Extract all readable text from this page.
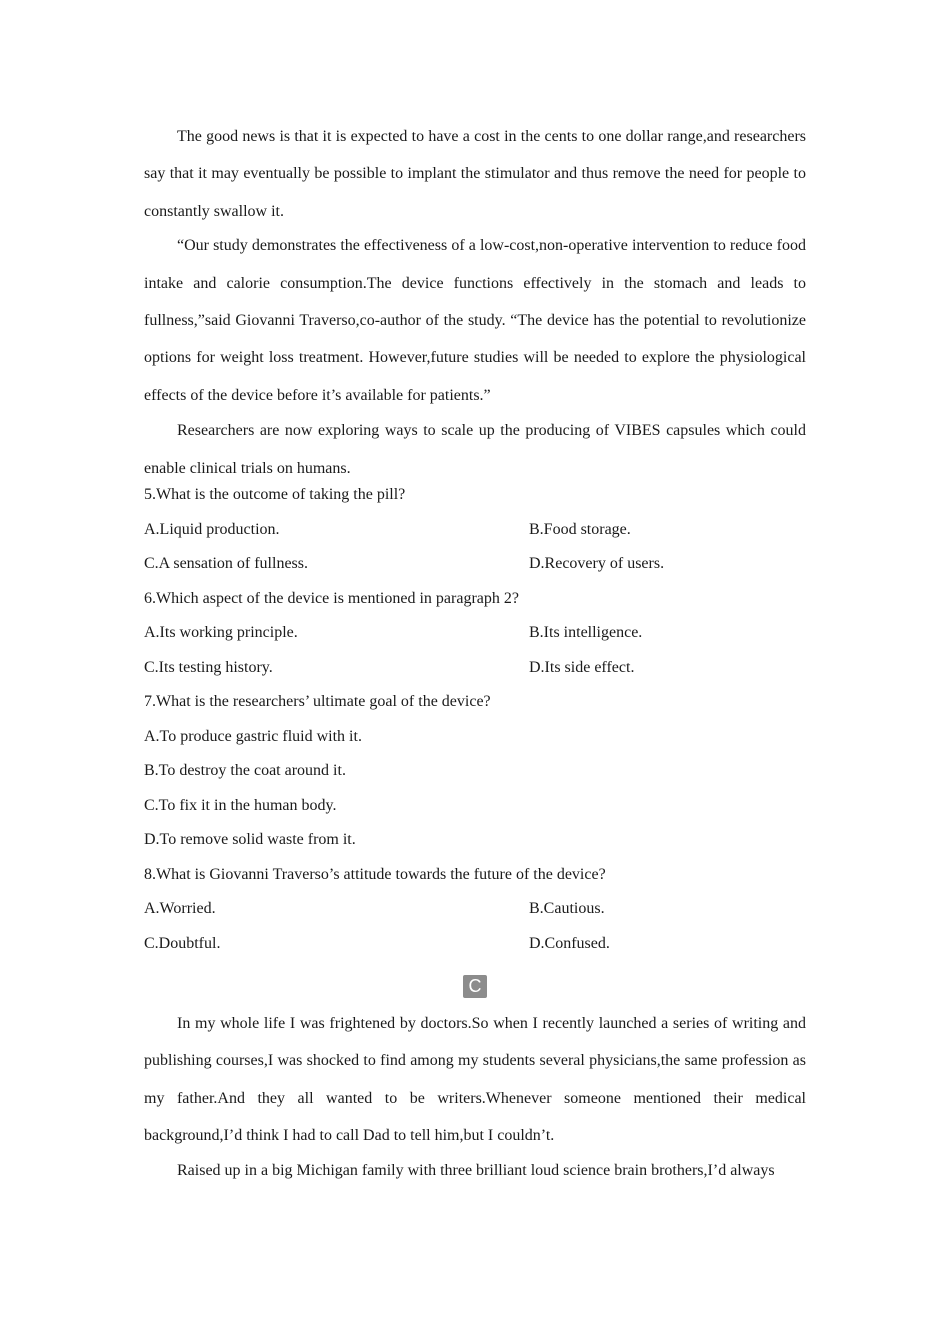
The good news is that it is expected to have a cost in the cents to one dollar range,and researchers say that it may eventually be possible to implant the stimulator and thus remove the need for people to constantly swallow it.

“Our study demonstrates the effectiveness of a low-cost,non-operative intervention to reduce food intake and calorie consumption.The device functions effectively in the stomach and leads to fullness,”said Giovanni Traverso,co-author of the study. “The device has the potential to revolutionize options for weight loss treatment. However,future studies will be needed to explore the physiological effects of the device before it’s available for patients.”

Researchers are now exploring ways to scale up the producing of VIBES capsules which could enable clinical trials on humans.

5.What is the outcome of taking the pill?
A.Liquid production.	B.Food storage.
C.A sensation of fullness.	D.Recovery of users.
6.Which aspect of the device is mentioned in paragraph 2?
A.Its working principle.	B.Its intelligence.
C.Its testing history.	D.Its side effect.
7.What is the researchers’ ultimate goal of the device?
A.To produce gastric fluid with it.
B.To destroy the coat around it.
C.To fix it in the human body.
D.To remove solid waste from it.
8.What is Giovanni Traverso’s attitude towards the future of the device?
A.Worried.	B.Cautious.
C.Doubtful.	D.Confused.
C

In my whole life I was frightened by doctors.So when I recently launched a series of writing and publishing courses,I was shocked to find among my students several physicians,the same profession as my father.And they all wanted to be writers.Whenever someone mentioned their medical background,I’d think I had to call Dad to tell him,but I couldn’t.

Raised up in a big Michigan family with three brilliant loud science brain brothers,I’d always
